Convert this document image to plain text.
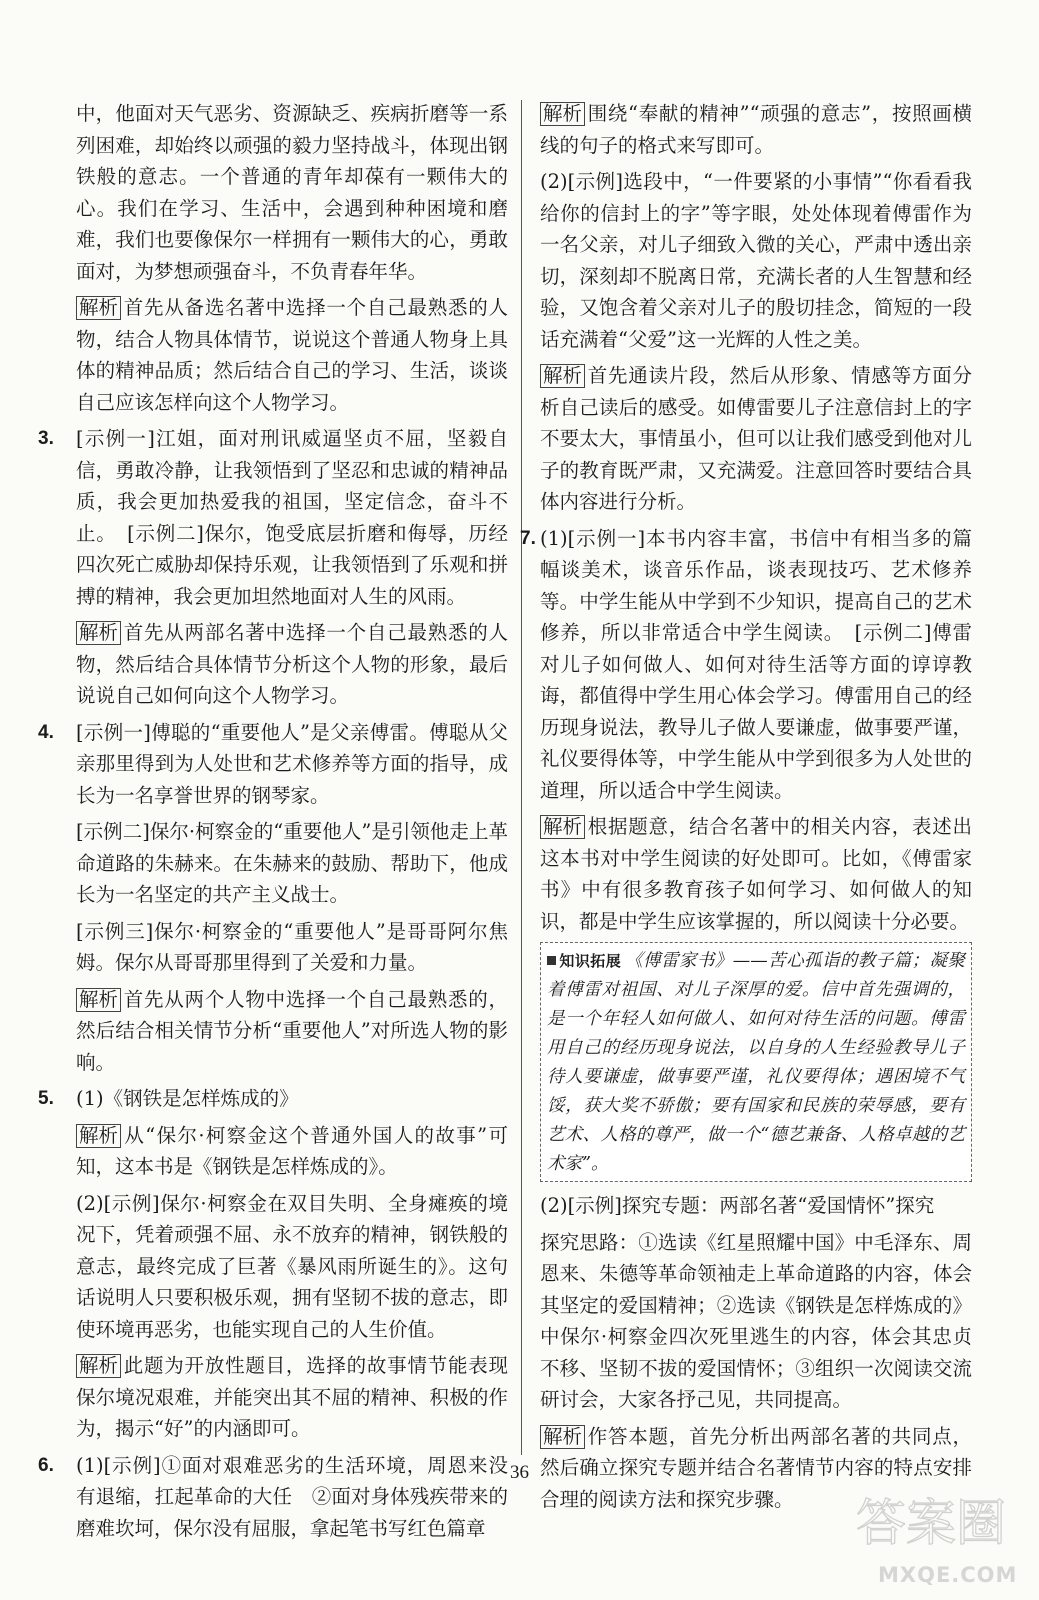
中，他面对天气恶劣、资源缺乏、疾病折磨等一系列困难，却始终以顽强的毅力坚持战斗，体现出钢铁般的意志。一个普通的青年却葆有一颗伟大的心。我们在学习、生活中，会遇到种种困境和磨难，我们也要像保尔一样拥有一颗伟大的心，勇敢面对，为梦想顽强奋斗，不负青春年华。

解析 首先从备选名著中选择一个自己最熟悉的人物，结合人物具体情节，说说这个普通人物身上具体的精神品质；然后结合自己的学习、生活，谈谈自己应该怎样向这个人物学习。

3. [示例一]江姐，面对刑讯威逼坚贞不屈，坚毅自信，勇敢冷静，让我领悟到了坚忍和忠诚的精神品质，我会更加热爱我的祖国，坚定信念，奋斗不止。　[示例二]保尔，饱受底层折磨和侮辱，历经四次死亡威胁却保持乐观，让我领悟到了乐观和拼搏的精神，我会更加坦然地面对人生的风雨。

解析 首先从两部名著中选择一个自己最熟悉的人物，然后结合具体情节分析这个人物的形象，最后说说自己如何向这个人物学习。

4. [示例一]傅聪的“重要他人”是父亲傅雷。傅聪从父亲那里得到为人处世和艺术修养等方面的指导，成长为一名享誉世界的钢琴家。

[示例二]保尔·柯察金的“重要他人”是引领他走上革命道路的朱赫来。在朱赫来的鼓励、帮助下，他成长为一名坚定的共产主义战士。

[示例三]保尔·柯察金的“重要他人”是哥哥阿尔焦姆。保尔从哥哥那里得到了关爱和力量。

解析 首先从两个人物中选择一个自己最熟悉的，然后结合相关情节分析“重要他人”对所选人物的影响。

5. (1)《钢铁是怎样炼成的》

解析 从“保尔·柯察金这个普通外国人的故事”可知，这本书是《钢铁是怎样炼成的》。

(2)[示例]保尔·柯察金在双目失明、全身瘫痪的境况下，凭着顽强不屈、永不放弃的精神，钢铁般的意志，最终完成了巨著《暴风雨所诞生的》。这句话说明人只要积极乐观，拥有坚韧不拔的意志，即使环境再恶劣，也能实现自己的人生价值。

解析 此题为开放性题目，选择的故事情节能表现保尔境况艰难，并能突出其不屈的精神、积极的作为，揭示“好”的内涵即可。

6. (1)[示例]①面对艰难恶劣的生活环境，周恩来没有退缩，扛起革命的大任　②面对身体残疾带来的磨难坎坷，保尔没有屈服，拿起笔书写红色篇章

解析 围绕“奉献的精神”“顽强的意志”，按照画横线的句子的格式来写即可。

(2)[示例]选段中，“一件要紧的小事情”“你看看我给你的信封上的字”等字眼，处处体现着傅雷作为一名父亲，对儿子细致入微的关心，严肃中透出亲切，深刻却不脱离日常，充满长者的人生智慧和经验，又饱含着父亲对儿子的殷切挂念，简短的一段话充满着“父爱”这一光辉的人性之美。

解析 首先通读片段，然后从形象、情感等方面分析自己读后的感受。如傅雷要儿子注意信封上的字不要太大，事情虽小，但可以让我们感受到他对儿子的教育既严肃，又充满爱。注意回答时要结合具体内容进行分析。

7. (1)[示例一]本书内容丰富，书信中有相当多的篇幅谈美术，谈音乐作品，谈表现技巧、艺术修养等。中学生能从中学到不少知识，提高自己的艺术修养，所以非常适合中学生阅读。　[示例二]傅雷对儿子如何做人、如何对待生活等方面的谆谆教诲，都值得中学生用心体会学习。傅雷用自己的经历现身说法，教导儿子做人要谦虚，做事要严谨，礼仪要得体等，中学生能从中学到很多为人处世的道理，所以适合中学生阅读。

解析 根据题意，结合名著中的相关内容，表述出这本书对中学生阅读的好处即可。比如，《傅雷家书》中有很多教育孩子如何学习、如何做人的知识，都是中学生应该掌握的，所以阅读十分必要。

知识拓展 《傅雷家书》——苦心孤诣的教子篇；凝聚着傅雷对祖国、对儿子深厚的爱。信中首先强调的，是一个年轻人如何做人、如何对待生活的问题。傅雷用自己的经历现身说法，以自身的人生经验教导儿子待人要谦虚，做事要严谨，礼仪要得体；遇困境不气馁，获大奖不骄傲；要有国家和民族的荣辱感，要有艺术、人格的尊严，做一个“德艺兼备、人格卓越的艺术家”。

(2)[示例]探究专题：两部名著“爱国情怀”探究

探究思路：①选读《红星照耀中国》中毛泽东、周恩来、朱德等革命领袖走上革命道路的内容，体会其坚定的爱国精神；②选读《钢铁是怎样炼成的》中保尔·柯察金四次死里逃生的内容，体会其忠贞不移、坚韧不拔的爱国情怀；③组织一次阅读交流研讨会，大家各抒己见，共同提高。

解析 作答本题，首先分析出两部名著的共同点，然后确立探究专题并结合名著情节内容的特点安排合理的阅读方法和探究步骤。

36
答案圈
MXQE.COM
